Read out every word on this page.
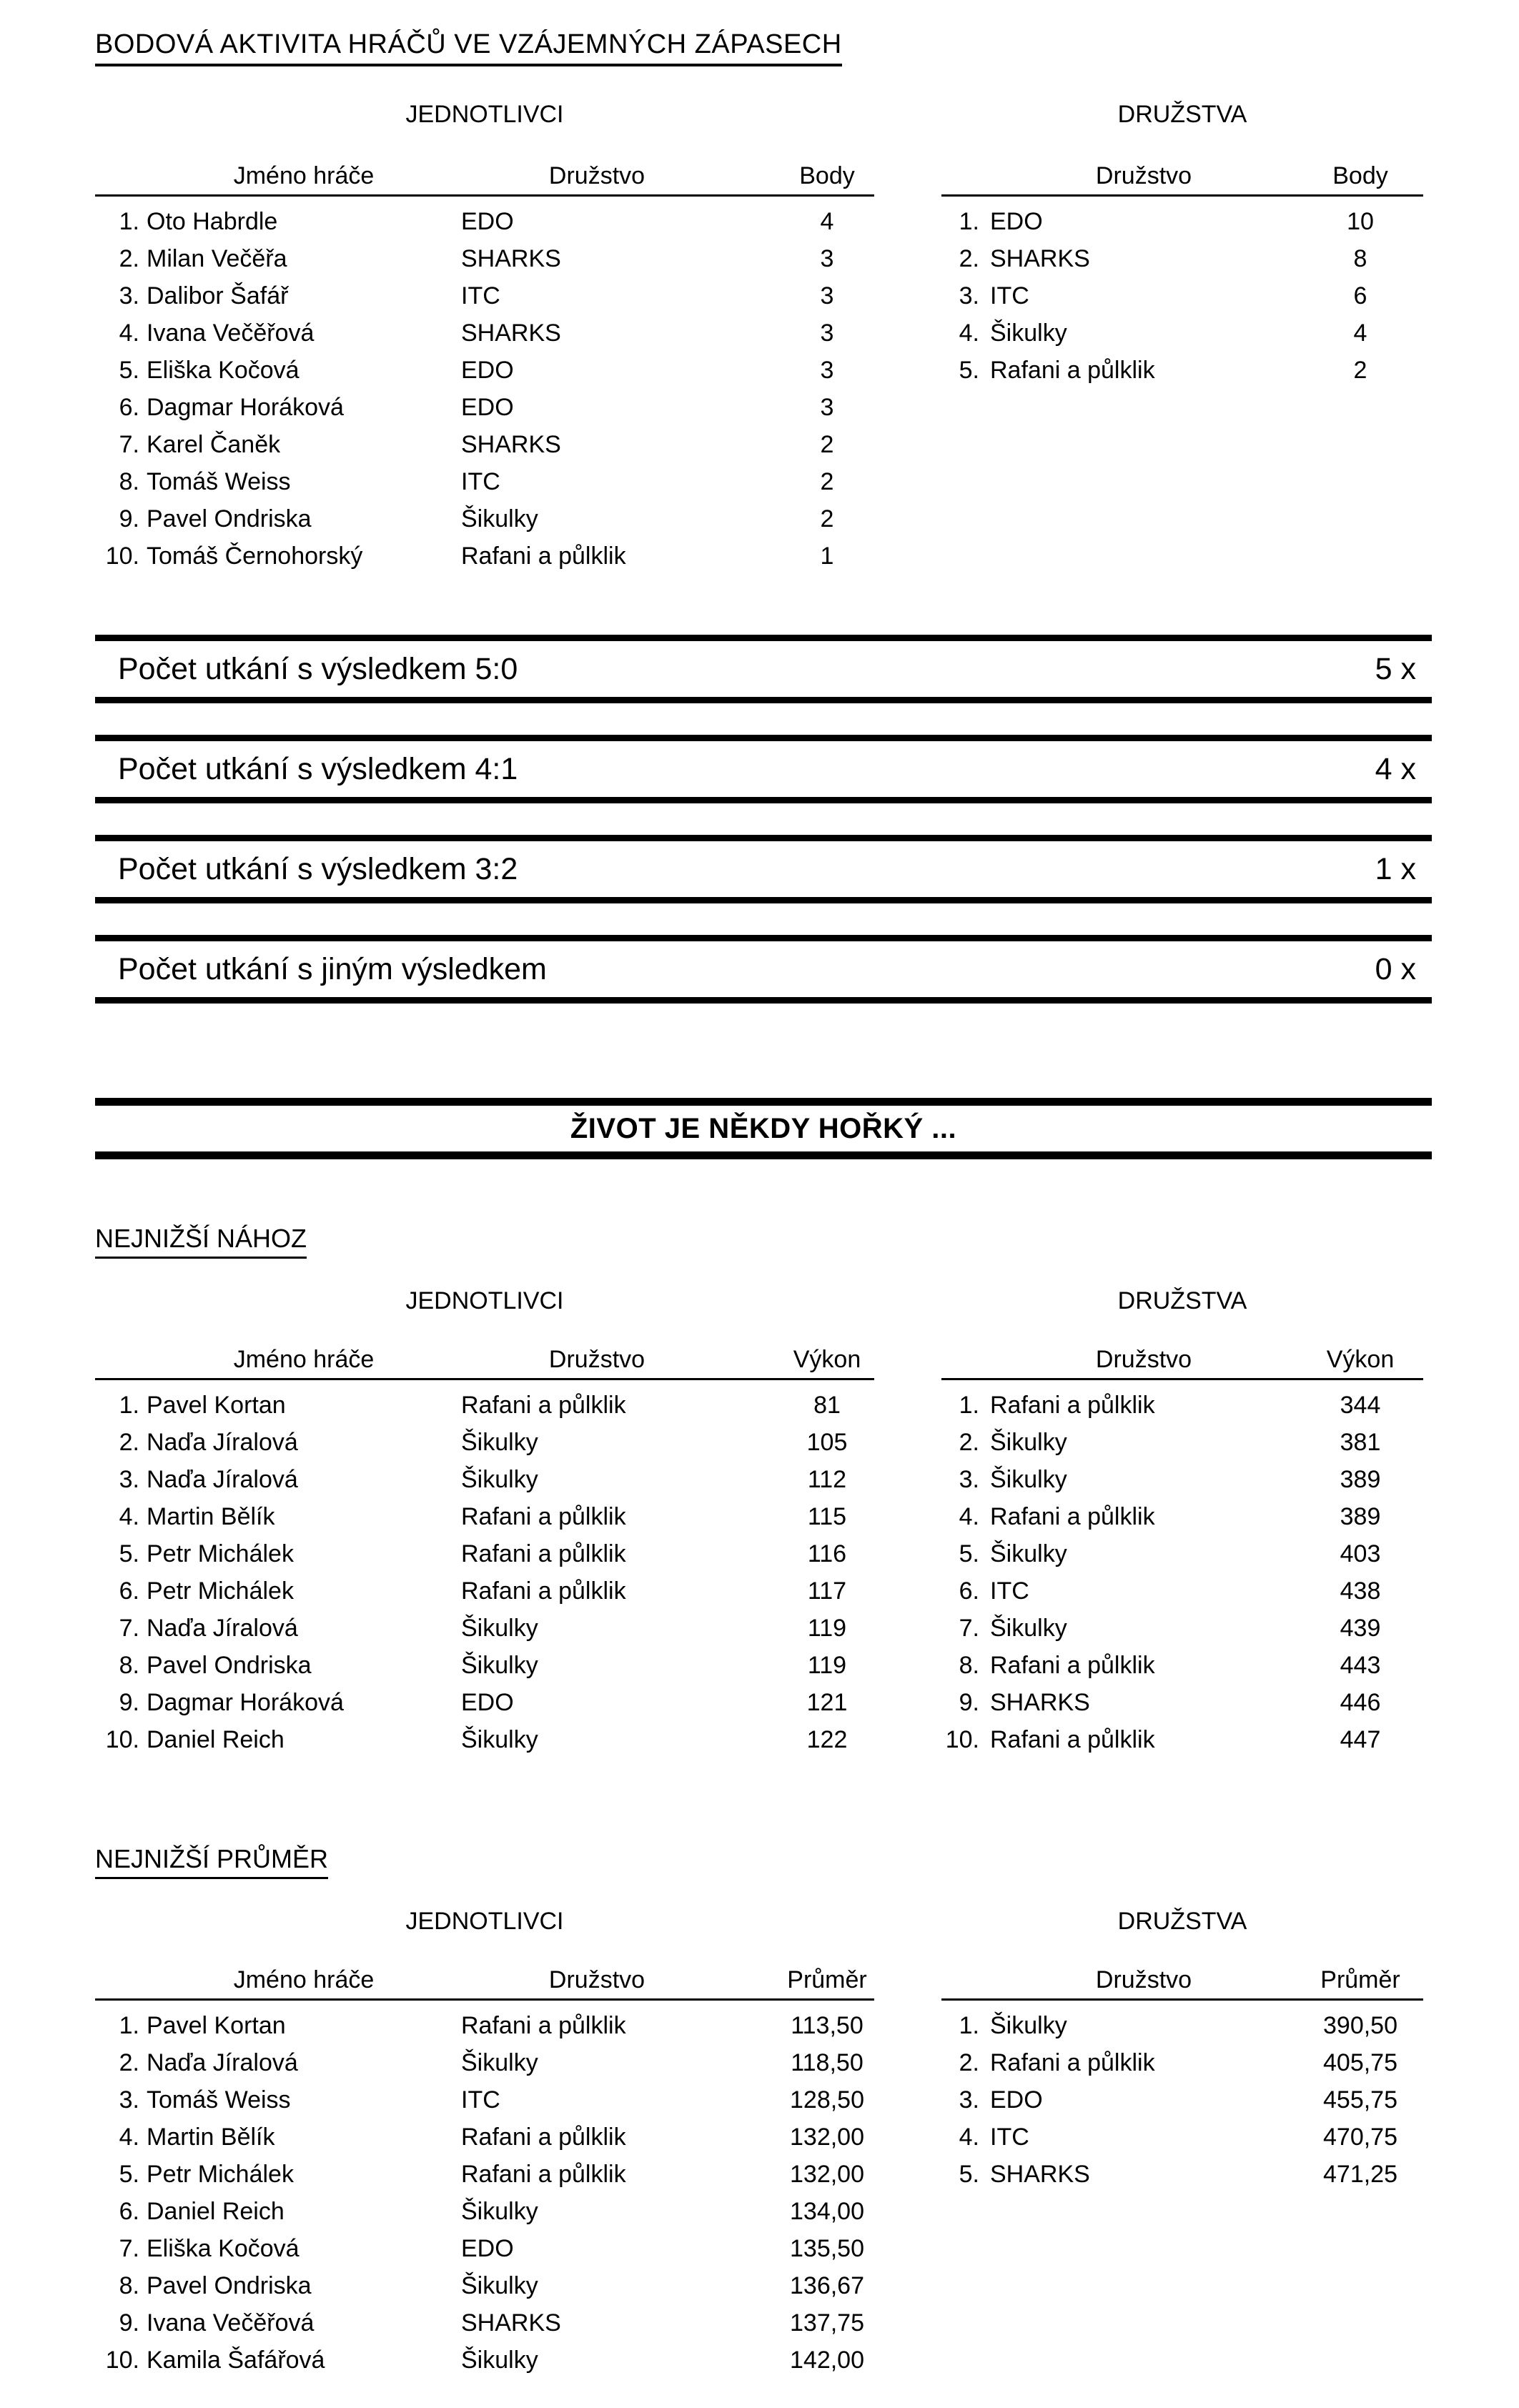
BODOVÁ AKTIVITA HRÁČŮ VE VZÁJEMNÝCH ZÁPASECH
JEDNOTLIVCI	DRUŽSTVA
Jméno hráče	Družstvo	Body
1. Oto Habrdle	EDO	4
2. Milan Večěřa	SHARKS	3
3. Dalibor Šafář	ITC	3
4. Ivana Večěřová	SHARKS	3
5. Eliška Kočová	EDO	3
6. Dagmar Horáková	EDO	3
7. Karel Čaněk	SHARKS	2
8. Tomáš Weiss	ITC	2
9. Pavel Ondriska	Šikulky	2
10. Tomáš Černohorský	Rafani a půlklik	1
Družstvo	Body
1. EDO	10
2. SHARKS	8
3. ITC	6
4. Šikulky	4
5. Rafani a půlklik	2
Počet utkání s výsledkem 5:0	5 x
Počet utkání s výsledkem 4:1	4 x
Počet utkání s výsledkem 3:2	1 x
Počet utkání s jiným výsledkem	0 x
ŽIVOT JE NĚKDY HOŘKÝ ...
NEJNIŽŠÍ NÁHOZ
JEDNOTLIVCI	DRUŽSTVA
Jméno hráče	Družstvo	Výkon
1. Pavel Kortan	Rafani a půlklik	81
2. Naďa Jíralová	Šikulky	105
3. Naďa Jíralová	Šikulky	112
4. Martin Bělík	Rafani a půlklik	115
5. Petr Michálek	Rafani a půlklik	116
6. Petr Michálek	Rafani a půlklik	117
7. Naďa Jíralová	Šikulky	119
8. Pavel Ondriska	Šikulky	119
9. Dagmar Horáková	EDO	121
10. Daniel Reich	Šikulky	122
Družstvo	Výkon
1. Rafani a půlklik	344
2. Šikulky	381
3. Šikulky	389
4. Rafani a půlklik	389
5. Šikulky	403
6. ITC	438
7. Šikulky	439
8. Rafani a půlklik	443
9. SHARKS	446
10. Rafani a půlklik	447
NEJNIŽŠÍ PRŮMĚR
JEDNOTLIVCI	DRUŽSTVA
Jméno hráče	Družstvo	Průměr
1. Pavel Kortan	Rafani a půlklik	113,50
2. Naďa Jíralová	Šikulky	118,50
3. Tomáš Weiss	ITC	128,50
4. Martin Bělík	Rafani a půlklik	132,00
5. Petr Michálek	Rafani a půlklik	132,00
6. Daniel Reich	Šikulky	134,00
7. Eliška Kočová	EDO	135,50
8. Pavel Ondriska	Šikulky	136,67
9. Ivana Večěřová	SHARKS	137,75
10. Kamila Šafářová	Šikulky	142,00
Družstvo	Průměr
1. Šikulky	390,50
2. Rafani a půlklik	405,75
3. EDO	455,75
4. ITC	470,75
5. SHARKS	471,25
